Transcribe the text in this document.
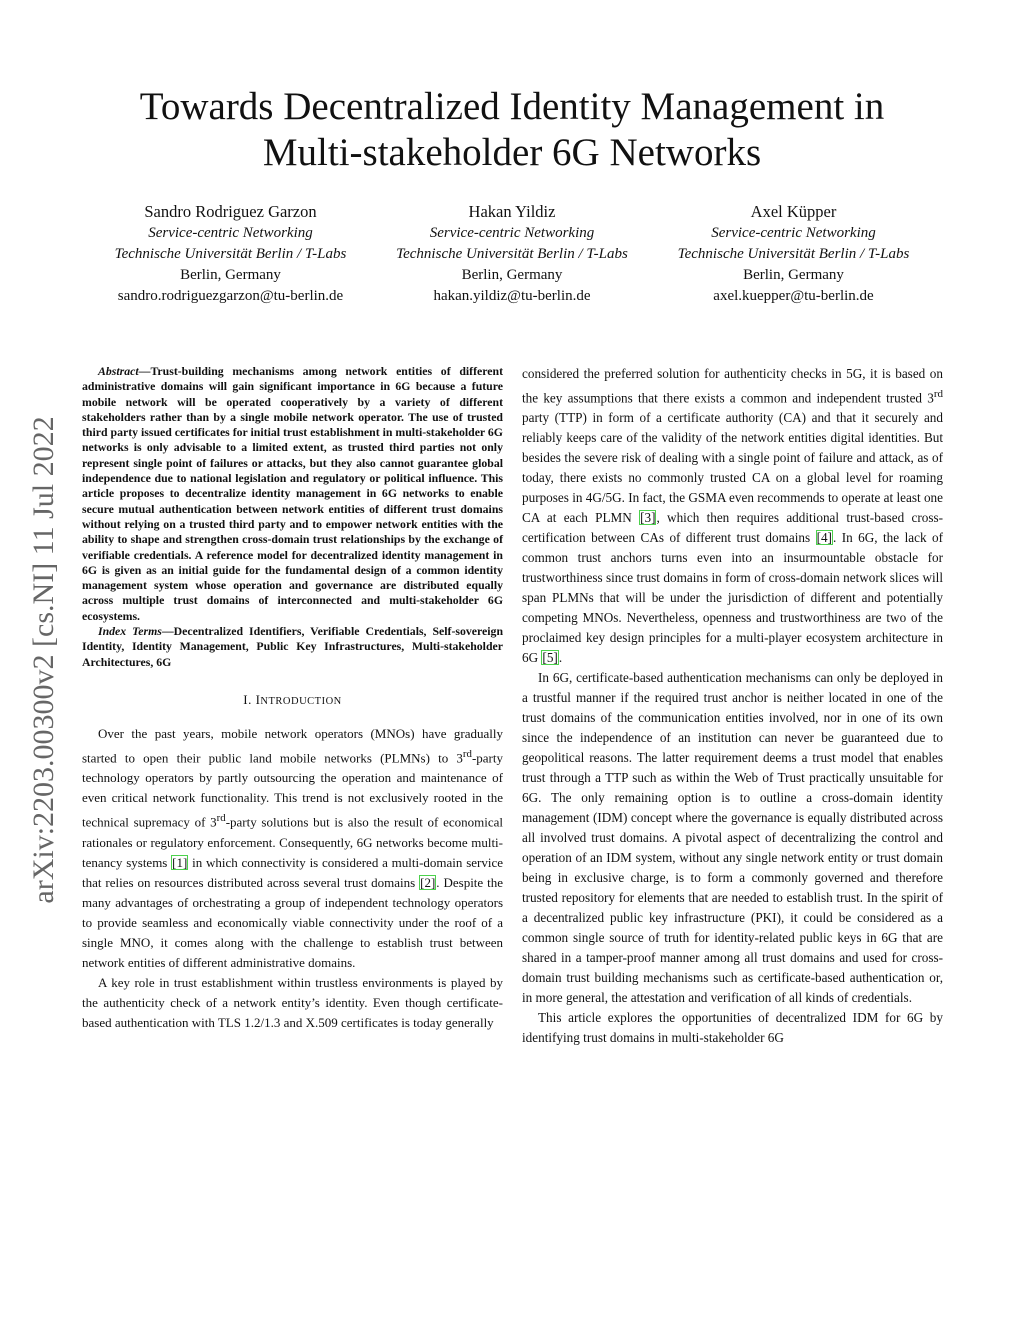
arXiv:2203.00300v2 [cs.NI] 11 Jul 2022
Towards Decentralized Identity Management in
Multi-stakeholder 6G Networks
Sandro Rodriguez Garzon
Service-centric Networking
Technische Universität Berlin / T-Labs
Berlin, Germany
sandro.rodriguezgarzon@tu-berlin.de
Hakan Yildiz
Service-centric Networking
Technische Universität Berlin / T-Labs
Berlin, Germany
hakan.yildiz@tu-berlin.de
Axel Küpper
Service-centric Networking
Technische Universität Berlin / T-Labs
Berlin, Germany
axel.kuepper@tu-berlin.de

Abstract—Trust-building mechanisms among network entities of different administrative domains will gain significant importance in 6G because a future mobile network will be operated cooperatively by a variety of different stakeholders rather than by a single mobile network operator. The use of trusted third party issued certificates for initial trust establishment in multi-stakeholder 6G networks is only advisable to a limited extent, as trusted third parties not only represent single point of failures or attacks, but they also cannot guarantee global independence due to national legislation and regulatory or political influence. This article proposes to decentralize identity management in 6G networks to enable secure mutual authentication between network entities of different trust domains without relying on a trusted third party and to empower network entities with the ability to shape and strengthen cross-domain trust relationships by the exchange of verifiable credentials. A reference model for decentralized identity management in 6G is given as an initial guide for the fundamental design of a common identity management system whose operation and governance are distributed equally across multiple trust domains of interconnected and multi-stakeholder 6G ecosystems.

Index Terms—Decentralized Identifiers, Verifiable Credentials, Self-sovereign Identity, Identity Management, Public Key Infrastructures, Multi-stakeholder Architectures, 6G

I. INTRODUCTION

Over the past years, mobile network operators (MNOs) have gradually started to open their public land mobile networks (PLMNs) to 3rd-party technology operators by partly outsourcing the operation and maintenance of even critical network functionality. This trend is not exclusively rooted in the technical supremacy of 3rd-party solutions but is also the result of economical rationales or regulatory enforcement. Consequently, 6G networks become multi-tenancy systems [1] in which connectivity is considered a multi-domain service that relies on resources distributed across several trust domains [2]. Despite the many advantages of orchestrating a group of independent technology operators to provide seamless and economically viable connectivity under the roof of a single MNO, it comes along with the challenge to establish trust between network entities of different administrative domains.

A key role in trust establishment within trustless environments is played by the authenticity check of a network entity’s identity. Even though certificate-based authentication with TLS 1.2/1.3 and X.509 certificates is today generally

considered the preferred solution for authenticity checks in 5G, it is based on the key assumptions that there exists a common and independent trusted 3rd party (TTP) in form of a certificate authority (CA) and that it securely and reliably keeps care of the validity of the network entities digital identities. But besides the severe risk of dealing with a single point of failure and attack, as of today, there exists no commonly trusted CA on a global level for roaming purposes in 4G/5G. In fact, the GSMA even recommends to operate at least one CA at each PLMN [3], which then requires additional trust-based cross-certification between CAs of different trust domains [4]. In 6G, the lack of common trust anchors turns even into an insurmountable obstacle for trustworthiness since trust domains in form of cross-domain network slices will span PLMNs that will be under the jurisdiction of different and potentially competing MNOs. Nevertheless, openness and trustworthiness are two of the proclaimed key design principles for a multi-player ecosystem architecture in 6G [5].

In 6G, certificate-based authentication mechanisms can only be deployed in a trustful manner if the required trust anchor is neither located in one of the trust domains of the communication entities involved, nor in one of its own since the independence of an institution can never be guaranteed due to geopolitical reasons. The latter requirement deems a trust model that enables trust through a TTP such as within the Web of Trust practically unsuitable for 6G. The only remaining option is to outline a cross-domain identity management (IDM) concept where the governance is equally distributed across all involved trust domains. A pivotal aspect of decentralizing the control and operation of an IDM system, without any single network entity or trust domain being in exclusive charge, is to form a commonly governed and therefore trusted repository for elements that are needed to establish trust. In the spirit of a decentralized public key infrastructure (PKI), it could be considered as a common single source of truth for identity-related public keys in 6G that are shared in a tamper-proof manner among all trust domains and used for cross-domain trust building mechanisms such as certificate-based authentication or, in more general, the attestation and verification of all kinds of credentials.

This article explores the opportunities of decentralized IDM for 6G by identifying trust domains in multi-stakeholder 6G
